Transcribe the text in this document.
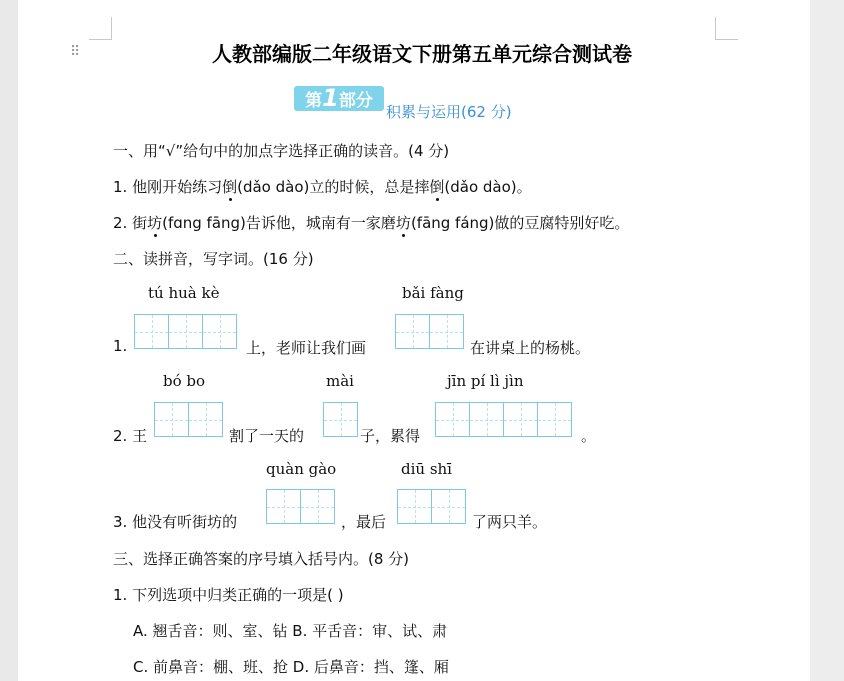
⠿	人教部编版二年级语文下册第五单元综合测试卷
第1部分
积累与运用(62 分)
一、用“√”给句中的加点字选择正确的读音。(4 分)
1. 他刚开始练习倒(dǎo dào)立的时候，总是摔倒(dǎo dào)。
2. 街坊(fɑng fāng)告诉他，城南有一家磨坊(fāng fáng)做的豆腐特别好吃。
二、读拼音，写字词。(16 分)
tú huà kè	bǎi fàng
1.	上，老师让我们画	在讲桌上的杨桃。
bó bo	mài	jīn pí lì jìn
2. 王	割了一天的	子，累得	。
quàn gào	diū shī
3. 他没有听街坊的	，最后	了两只羊。
三、选择正确答案的序号填入括号内。(8 分)
1. 下列选项中归类正确的一项是( )
A. 翘舌音：则、室、钻 B. 平舌音：审、试、肃
C. 前鼻音：棚、班、抢 D. 后鼻音：挡、篷、厢
